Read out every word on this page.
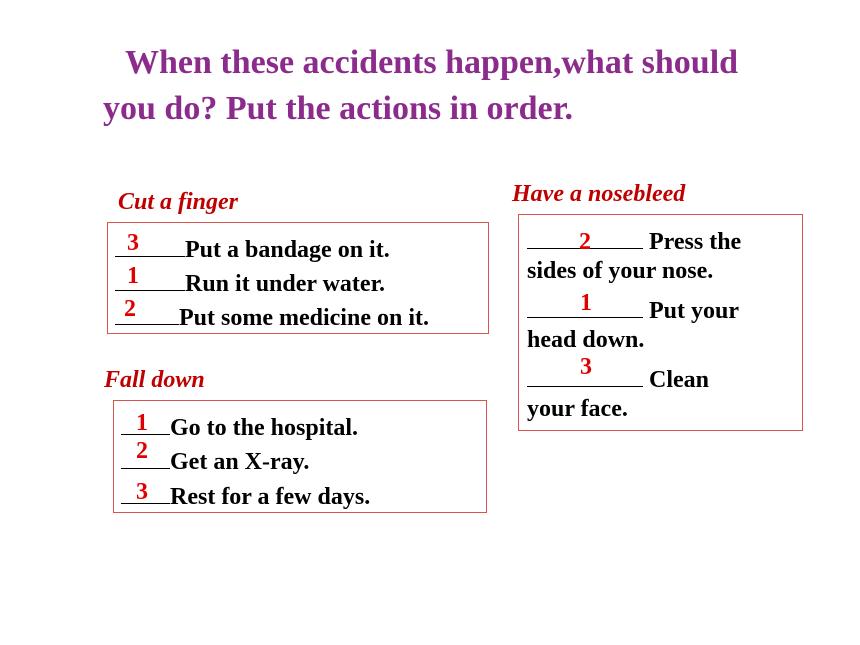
When these accidents happen,what should you do? Put the actions in order.
Cut a finger
Put a bandage on it.
Run it under water.
Put some medicine on it.
3
1
2
Fall down
Go to the hospital.
Get an X-ray.
Rest for a few days.
1
2
3
Have a nosebleed
Press the
sides of your nose.
Put your
head down.
Clean
your face.
2
1
3
